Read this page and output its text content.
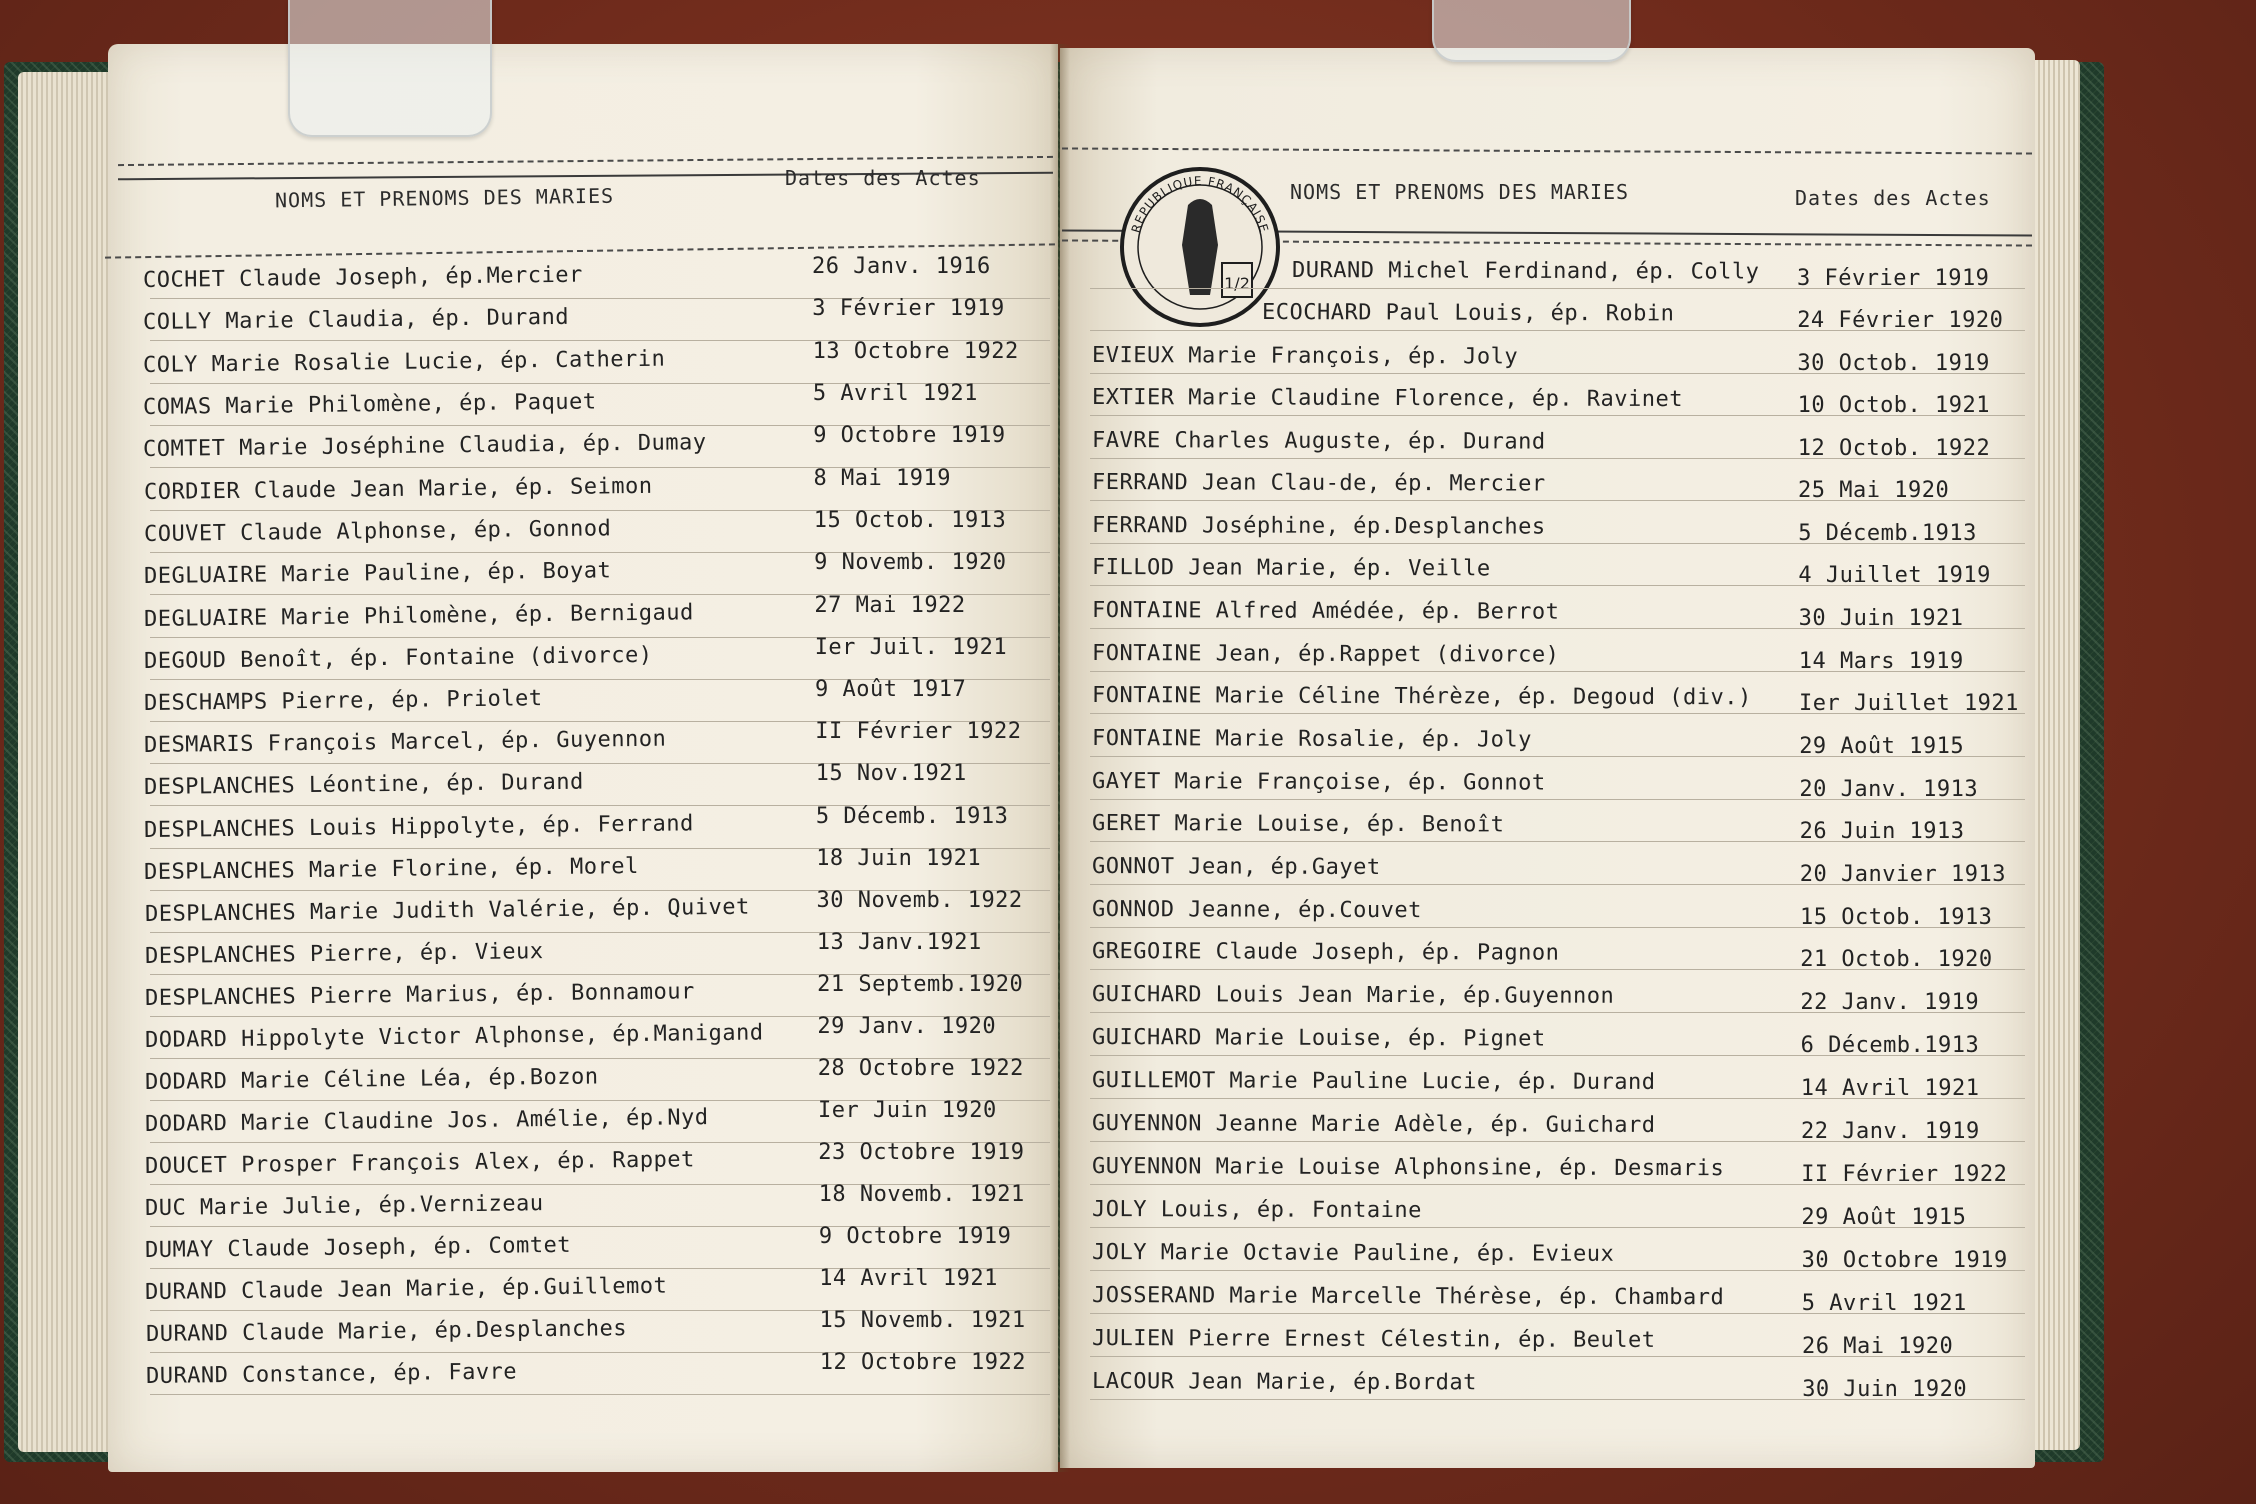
NOMS ET PRENOMS DES MARIES
Dates des Actes
NOMS ET PRENOMS DES MARIES	Dates des Actes
REPUBLIQUE FRANÇAISE
1/2
COCHET Claude Joseph, ép.Mercier	26 Janv. 1916
COLLY Marie Claudia, ép. Durand	3 Février 1919
COLY Marie Rosalie Lucie, ép. Catherin	13 Octobre 1922
COMAS Marie Philomène, ép. Paquet	5 Avril 1921
COMTET Marie Joséphine Claudia, ép. Dumay	9 Octobre 1919
CORDIER Claude Jean Marie, ép. Seimon	8 Mai 1919
COUVET Claude Alphonse, ép. Gonnod	15 Octob. 1913
DEGLUAIRE Marie Pauline, ép. Boyat	9 Novemb. 1920
DEGLUAIRE Marie Philomène, ép. Bernigaud	27 Mai 1922
DEGOUD Benoît, ép. Fontaine (divorce)	Ier Juil. 1921
DESCHAMPS Pierre, ép. Priolet	9 Août 1917
DESMARIS François Marcel, ép. Guyennon	II Février 1922
DESPLANCHES Léontine, ép. Durand	15 Nov.1921
DESPLANCHES Louis Hippolyte, ép. Ferrand	5 Décemb. 1913
DESPLANCHES Marie Florine, ép. Morel	18 Juin 1921
DESPLANCHES Marie Judith Valérie, ép. Quivet	30 Novemb. 1922
DESPLANCHES Pierre, ép. Vieux	13 Janv.1921
DESPLANCHES Pierre Marius, ép. Bonnamour	21 Septemb.1920
DODARD Hippolyte Victor Alphonse, ép.Manigand 29 Janv. 1920
DODARD Marie Céline Léa, ép.Bozon	28 Octobre 1922
DODARD Marie Claudine Jos. Amélie, ép.Nyd	Ier Juin 1920
DOUCET Prosper François Alex, ép. Rappet	23 Octobre 1919
DUC Marie Julie, ép.Vernizeau	18 Novemb. 1921
DUMAY Claude Joseph, ép. Comtet	9 Octobre 1919
DURAND Claude Jean Marie, ép.Guillemot	14 Avril 1921
DURAND Claude Marie, ép.Desplanches	15 Novemb. 1921
DURAND Constance, ép. Favre	12 Octobre 1922
DURAND Michel Ferdinand, ép. Colly 3 Février 1919
ECOCHARD Paul Louis, ép. Robin	24 Février 1920
EVIEUX Marie François, ép. Joly	30 Octob. 1919
EXTIER Marie Claudine Florence, ép. Ravinet	10 Octob. 1921
FAVRE Charles Auguste, ép. Durand	12 Octob. 1922
FERRAND Jean Clau-de, ép. Mercier	25 Mai 1920
FERRAND Joséphine, ép.Desplanches	5 Décemb.1913
FILLOD Jean Marie, ép. Veille	4 Juillet 1919
FONTAINE Alfred Amédée, ép. Berrot	30 Juin 1921
FONTAINE Jean, ép.Rappet (divorce)	14 Mars 1919
FONTAINE Marie Céline Thérèze, ép. Degoud (div.) Ier Juillet 1921
FONTAINE Marie Rosalie, ép. Joly	29 Août 1915
GAYET Marie Françoise, ép. Gonnot	20 Janv. 1913
GERET Marie Louise, ép. Benoît	26 Juin 1913
GONNOT Jean, ép.Gayet	20 Janvier 1913
GONNOD Jeanne, ép.Couvet	15 Octob. 1913
GREGOIRE Claude Joseph, ép. Pagnon	21 Octob. 1920
GUICHARD Louis Jean Marie, ép.Guyennon	22 Janv. 1919
GUICHARD Marie Louise, ép. Pignet	6 Décemb.1913
GUILLEMOT Marie Pauline Lucie, ép. Durand	14 Avril 1921
GUYENNON Jeanne Marie Adèle, ép. Guichard	22 Janv. 1919
GUYENNON Marie Louise Alphonsine, ép. Desmaris	II Février 1922
JOLY Louis, ép. Fontaine	29 Août 1915
JOLY Marie Octavie Pauline, ép. Evieux	30 Octobre 1919
JOSSERAND Marie Marcelle Thérèse, ép. Chambard	5 Avril 1921
JULIEN Pierre Ernest Célestin, ép. Beulet	26 Mai 1920
LACOUR Jean Marie, ép.Bordat	30 Juin 1920
